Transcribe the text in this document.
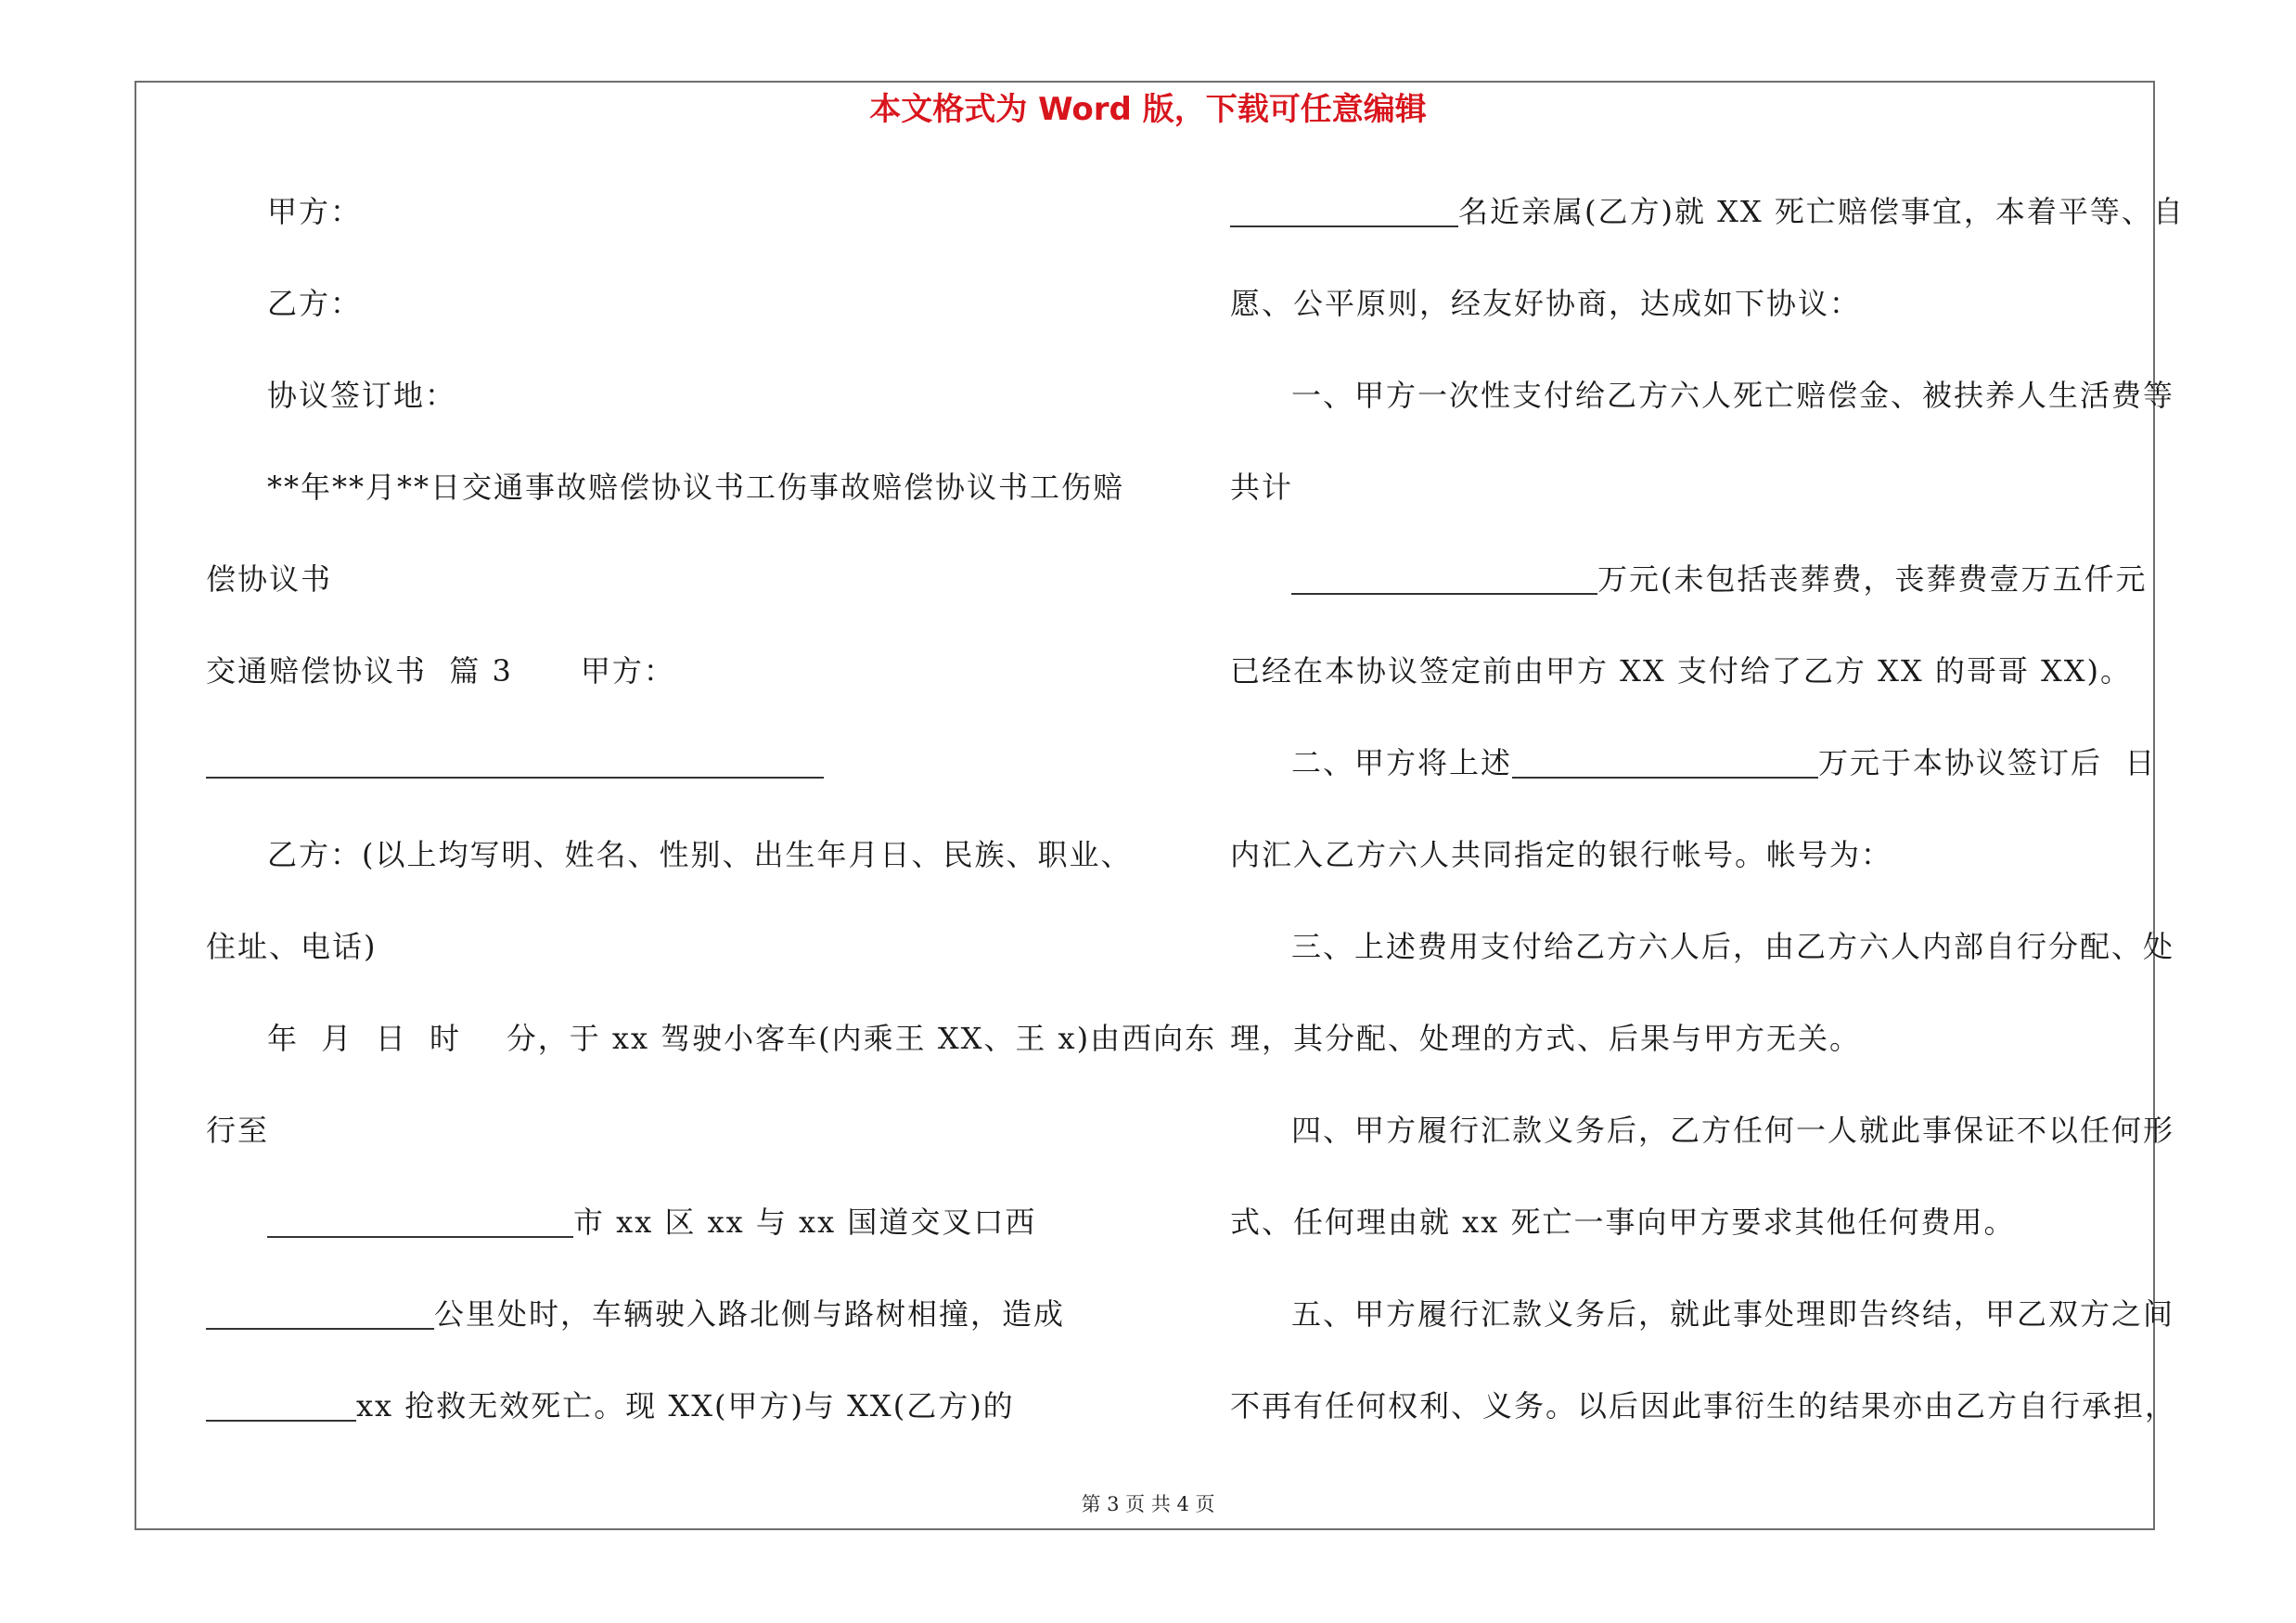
本文格式为 Word 版，下载可任意编辑
甲方：
乙方：
协议签订地：
**年**月**日交通事故赔偿协议书工伤事故赔偿协议书工伤赔
偿协议书
交通赔偿协议书  篇 3      甲方：
乙方：(以上均写明、姓名、性别、出生年月日、民族、职业、
住址、电话)
年  月  日  时    分，于 xx 驾驶小客车(内乘王 XX、王 x)由西向东
行至
市 xx 区 xx 与 xx 国道交叉口西
公里处时，车辆驶入路北侧与路树相撞，造成
xx 抢救无效死亡。现 XX(甲方)与 XX(乙方)的
名近亲属(乙方)就 XX 死亡赔偿事宜，本着平等、自
愿、公平原则，经友好协商，达成如下协议：
一、甲方一次性支付给乙方六人死亡赔偿金、被扶养人生活费等
共计
万元(未包括丧葬费，丧葬费壹万五仟元
已经在本协议签定前由甲方 XX 支付给了乙方 XX 的哥哥 XX)。
二、甲方将上述	万元于本协议签订后  日
内汇入乙方六人共同指定的银行帐号。帐号为：
三、上述费用支付给乙方六人后，由乙方六人内部自行分配、处
理，其分配、处理的方式、后果与甲方无关。
四、甲方履行汇款义务后，乙方任何一人就此事保证不以任何形
式、任何理由就 xx 死亡一事向甲方要求其他任何费用。
五、甲方履行汇款义务后，就此事处理即告终结，甲乙双方之间
不再有任何权利、义务。以后因此事衍生的结果亦由乙方自行承担，
第 3 页 共 4 页
